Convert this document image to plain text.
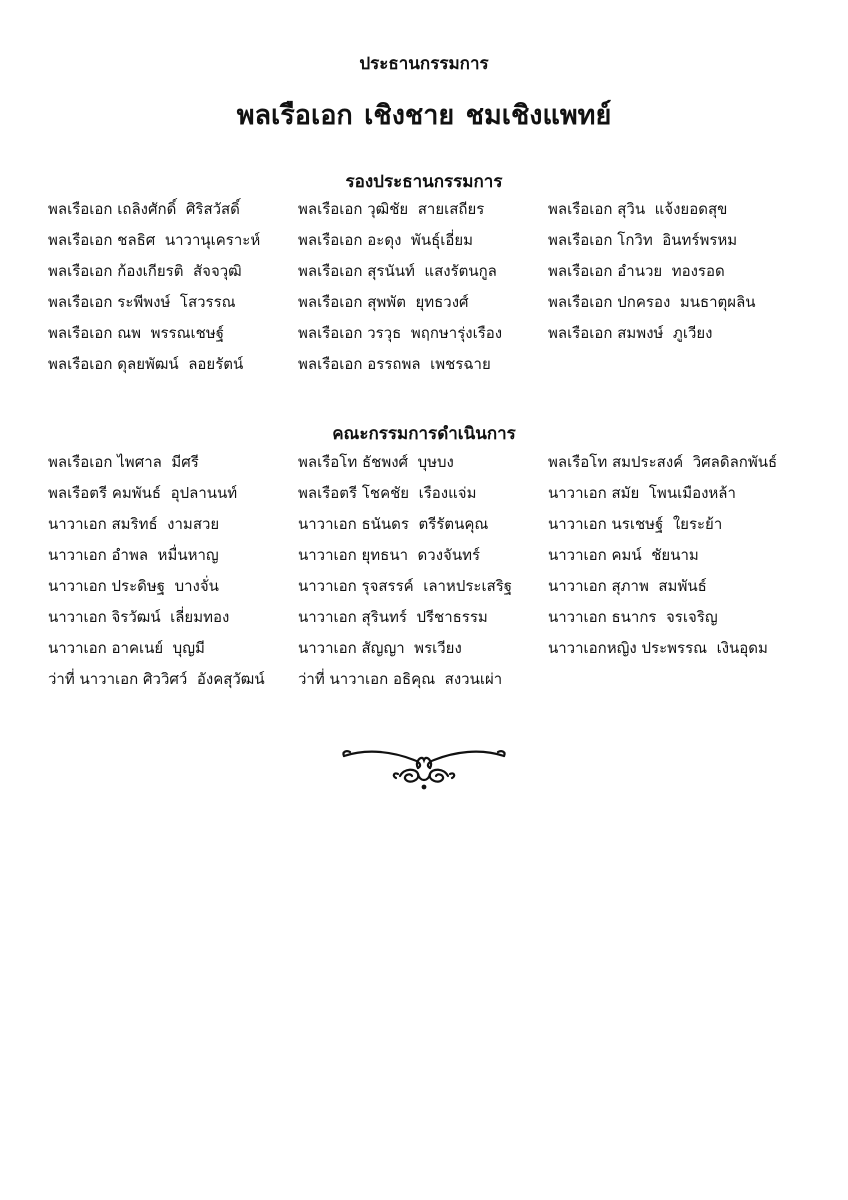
ประธานกรรมการ
พลเรือเอก เชิงชาย ชมเชิงแพทย์
รองประธานกรรมการ
พลเรือเอก เถลิงศักดิ์  ศิริสวัสดิ์	พลเรือเอก วุฒิชัย  สายเสถียร	พลเรือเอก สุวิน  แจ้งยอดสุข
พลเรือเอก ชลธิศ  นาวานุเคราะห์	พลเรือเอก อะดุง  พันธุ์เอี่ยม	พลเรือเอก โกวิท  อินทร์พรหม
พลเรือเอก ก้องเกียรติ  สัจจวุฒิ	พลเรือเอก สุรนันท์  แสงรัตนกูล	พลเรือเอก อำนวย  ทองรอด
พลเรือเอก ระพีพงษ์  โสวรรณ	พลเรือเอก สุพพัต  ยุทธวงศ์	พลเรือเอก ปกครอง  มนธาตุผลิน
พลเรือเอก ณพ  พรรณเชษฐ์	พลเรือเอก วรวุธ  พฤกษารุ่งเรือง	พลเรือเอก สมพงษ์  ภูเวียง
พลเรือเอก ดุลยพัฒน์  ลอยรัตน์	พลเรือเอก อรรถพล  เพชรฉาย
คณะกรรมการดำเนินการ
พลเรือเอก ไพศาล  มีศรี	พลเรือโท ธัชพงศ์  บุษบง	พลเรือโท สมประสงค์  วิศลดิลกพันธ์
พลเรือตรี คมพันธ์  อุปลานนท์	พลเรือตรี โชคชัย  เรืองแจ่ม	นาวาเอก สมัย  โพนเมืองหล้า
นาวาเอก สมริทธ์  งามสวย	นาวาเอก ธนันดร  ตรีรัตนคุณ	นาวาเอก นรเชษฐ์  ใยระย้า
นาวาเอก อำพล  หมื่นหาญ	นาวาเอก ยุทธนา  ดวงจันทร์	นาวาเอก คมน์  ชัยนาม
นาวาเอก ประดิษฐ  บางจั่น	นาวาเอก รุจสรรค์  เลาหประเสริฐ	นาวาเอก สุภาพ  สมพันธ์
นาวาเอก จิรวัฒน์  เลี่ยมทอง	นาวาเอก สุรินทร์  ปรีชาธรรม	นาวาเอก ธนากร  จรเจริญ
นาวาเอก อาคเนย์  บุญมี	นาวาเอก สัญญา  พรเวียง	นาวาเอกหญิง ประพรรณ  เงินอุดม
ว่าที่ นาวาเอก ศิววิศว์  อังคสุวัฒน์	ว่าที่ นาวาเอก อธิคุณ  สงวนเผ่า
